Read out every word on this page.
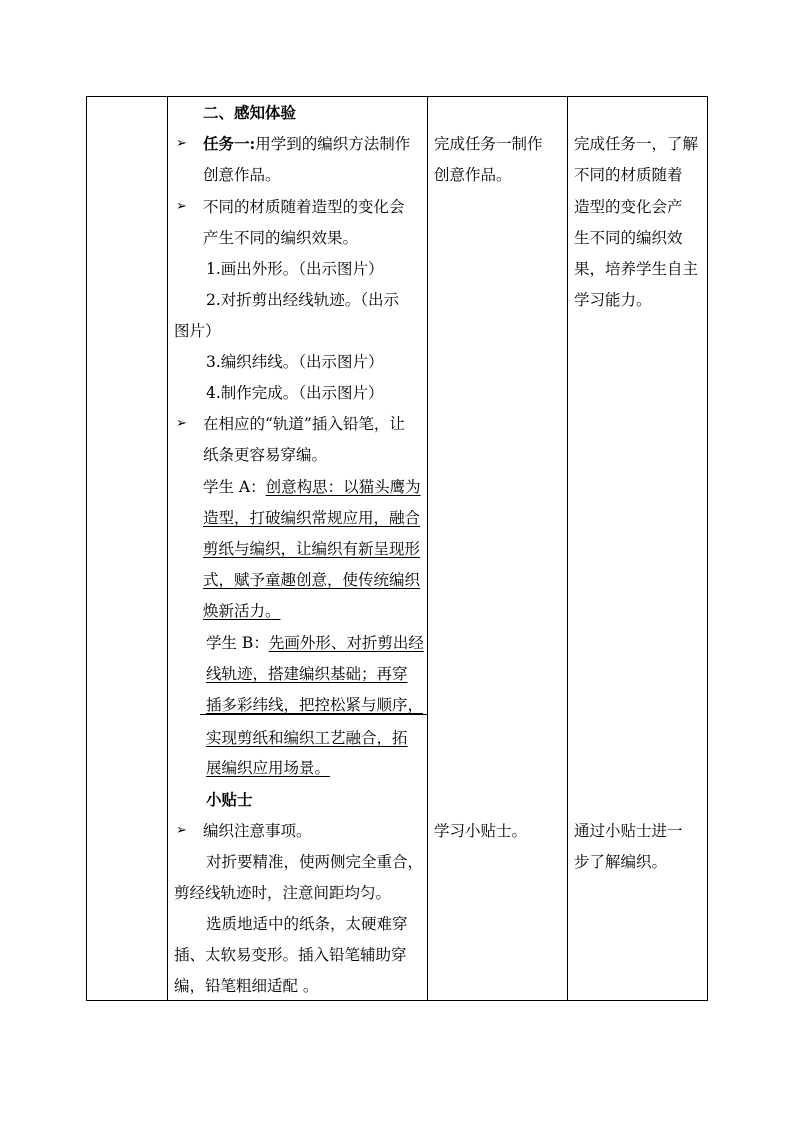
二、感知体验
➢ 任务一:用学到的编织方法制作
创意作品。
➢ 不同的材质随着造型的变化会
产生不同的编织效果。
1.画出外形。（出示图片）
2.对折剪出经线轨迹。（出示
图片）
3.编织纬线。（出示图片）
4.制作完成。（出示图片）
➢ 在相应的“轨道”插入铅笔，让
纸条更容易穿编。
学生 A：创意构思：以猫头鹰为
造型，打破编织常规应用，融合
剪纸与编织，让编织有新呈现形
式，赋予童趣创意，使传统编织
焕新活力。
学生 B：先画外形、对折剪出经
线轨迹，搭建编织基础；再穿
插多彩纬线，把控松紧与顺序，
实现剪纸和编织工艺融合，拓
展编织应用场景。
小贴士
➢ 编织注意事项。
对折要精准，使两侧完全重合，
剪经线轨迹时，注意间距均匀。
选质地适中的纸条，太硬难穿
插、太软易变形。插入铅笔辅助穿
编，铅笔粗细适配 。
完成任务一制作
创意作品。
学习小贴士。
完成任务一，了解
不同的材质随着
造型的变化会产
生不同的编织效
果，培养学生自主
学习能力。
通过小贴士进一
步了解编织。
